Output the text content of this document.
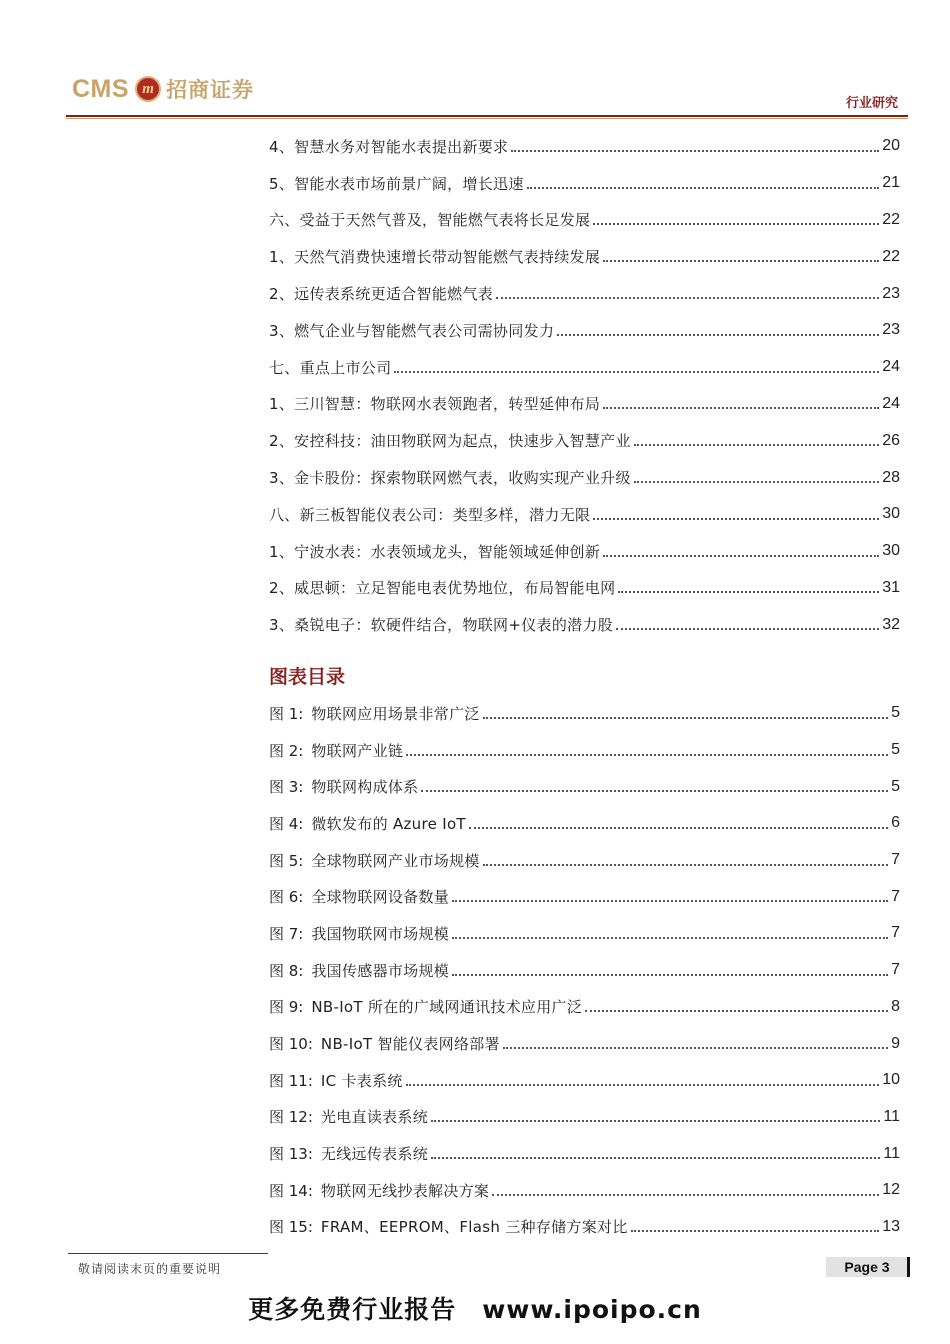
CMS m 招商证券
行业研究
4、智慧水务对智能水表提出新要求	20
5、智能水表市场前景广阔，增长迅速	21
六、受益于天然气普及，智能燃气表将长足发展	22
1、天然气消费快速增长带动智能燃气表持续发展	22
2、远传表系统更适合智能燃气表	23
3、燃气企业与智能燃气表公司需协同发力	23
七、重点上市公司	24
1、三川智慧：物联网水表领跑者，转型延伸布局	24
2、安控科技：油田物联网为起点，快速步入智慧产业	26
3、金卡股份：探索物联网燃气表，收购实现产业升级	28
八、新三板智能仪表公司：类型多样，潜力无限	30
1、宁波水表：水表领域龙头，智能领域延伸创新	30
2、威思顿：立足智能电表优势地位，布局智能电网	31
3、桑锐电子：软硬件结合，物联网+仪表的潜力股	32
图表目录
图 1: 物联网应用场景非常广泛	5
图 2: 物联网产业链	5
图 3: 物联网构成体系	5
图 4: 微软发布的 Azure IoT	6
图 5: 全球物联网产业市场规模	7
图 6: 全球物联网设备数量	7
图 7: 我国物联网市场规模	7
图 8: 我国传感器市场规模	7
图 9: NB-IoT 所在的广域网通讯技术应用广泛	8
图 10: NB-IoT 智能仪表网络部署	9
图 11: IC 卡表系统	10
图 12: 光电直读表系统	11
图 13: 无线远传表系统	11
图 14: 物联网无线抄表解决方案	12
图 15: FRAM、EEPROM、Flash 三种存储方案对比	13
敬请阅读末页的重要说明	Page 3
更多免费行业报告　www.ipoipo.cn
